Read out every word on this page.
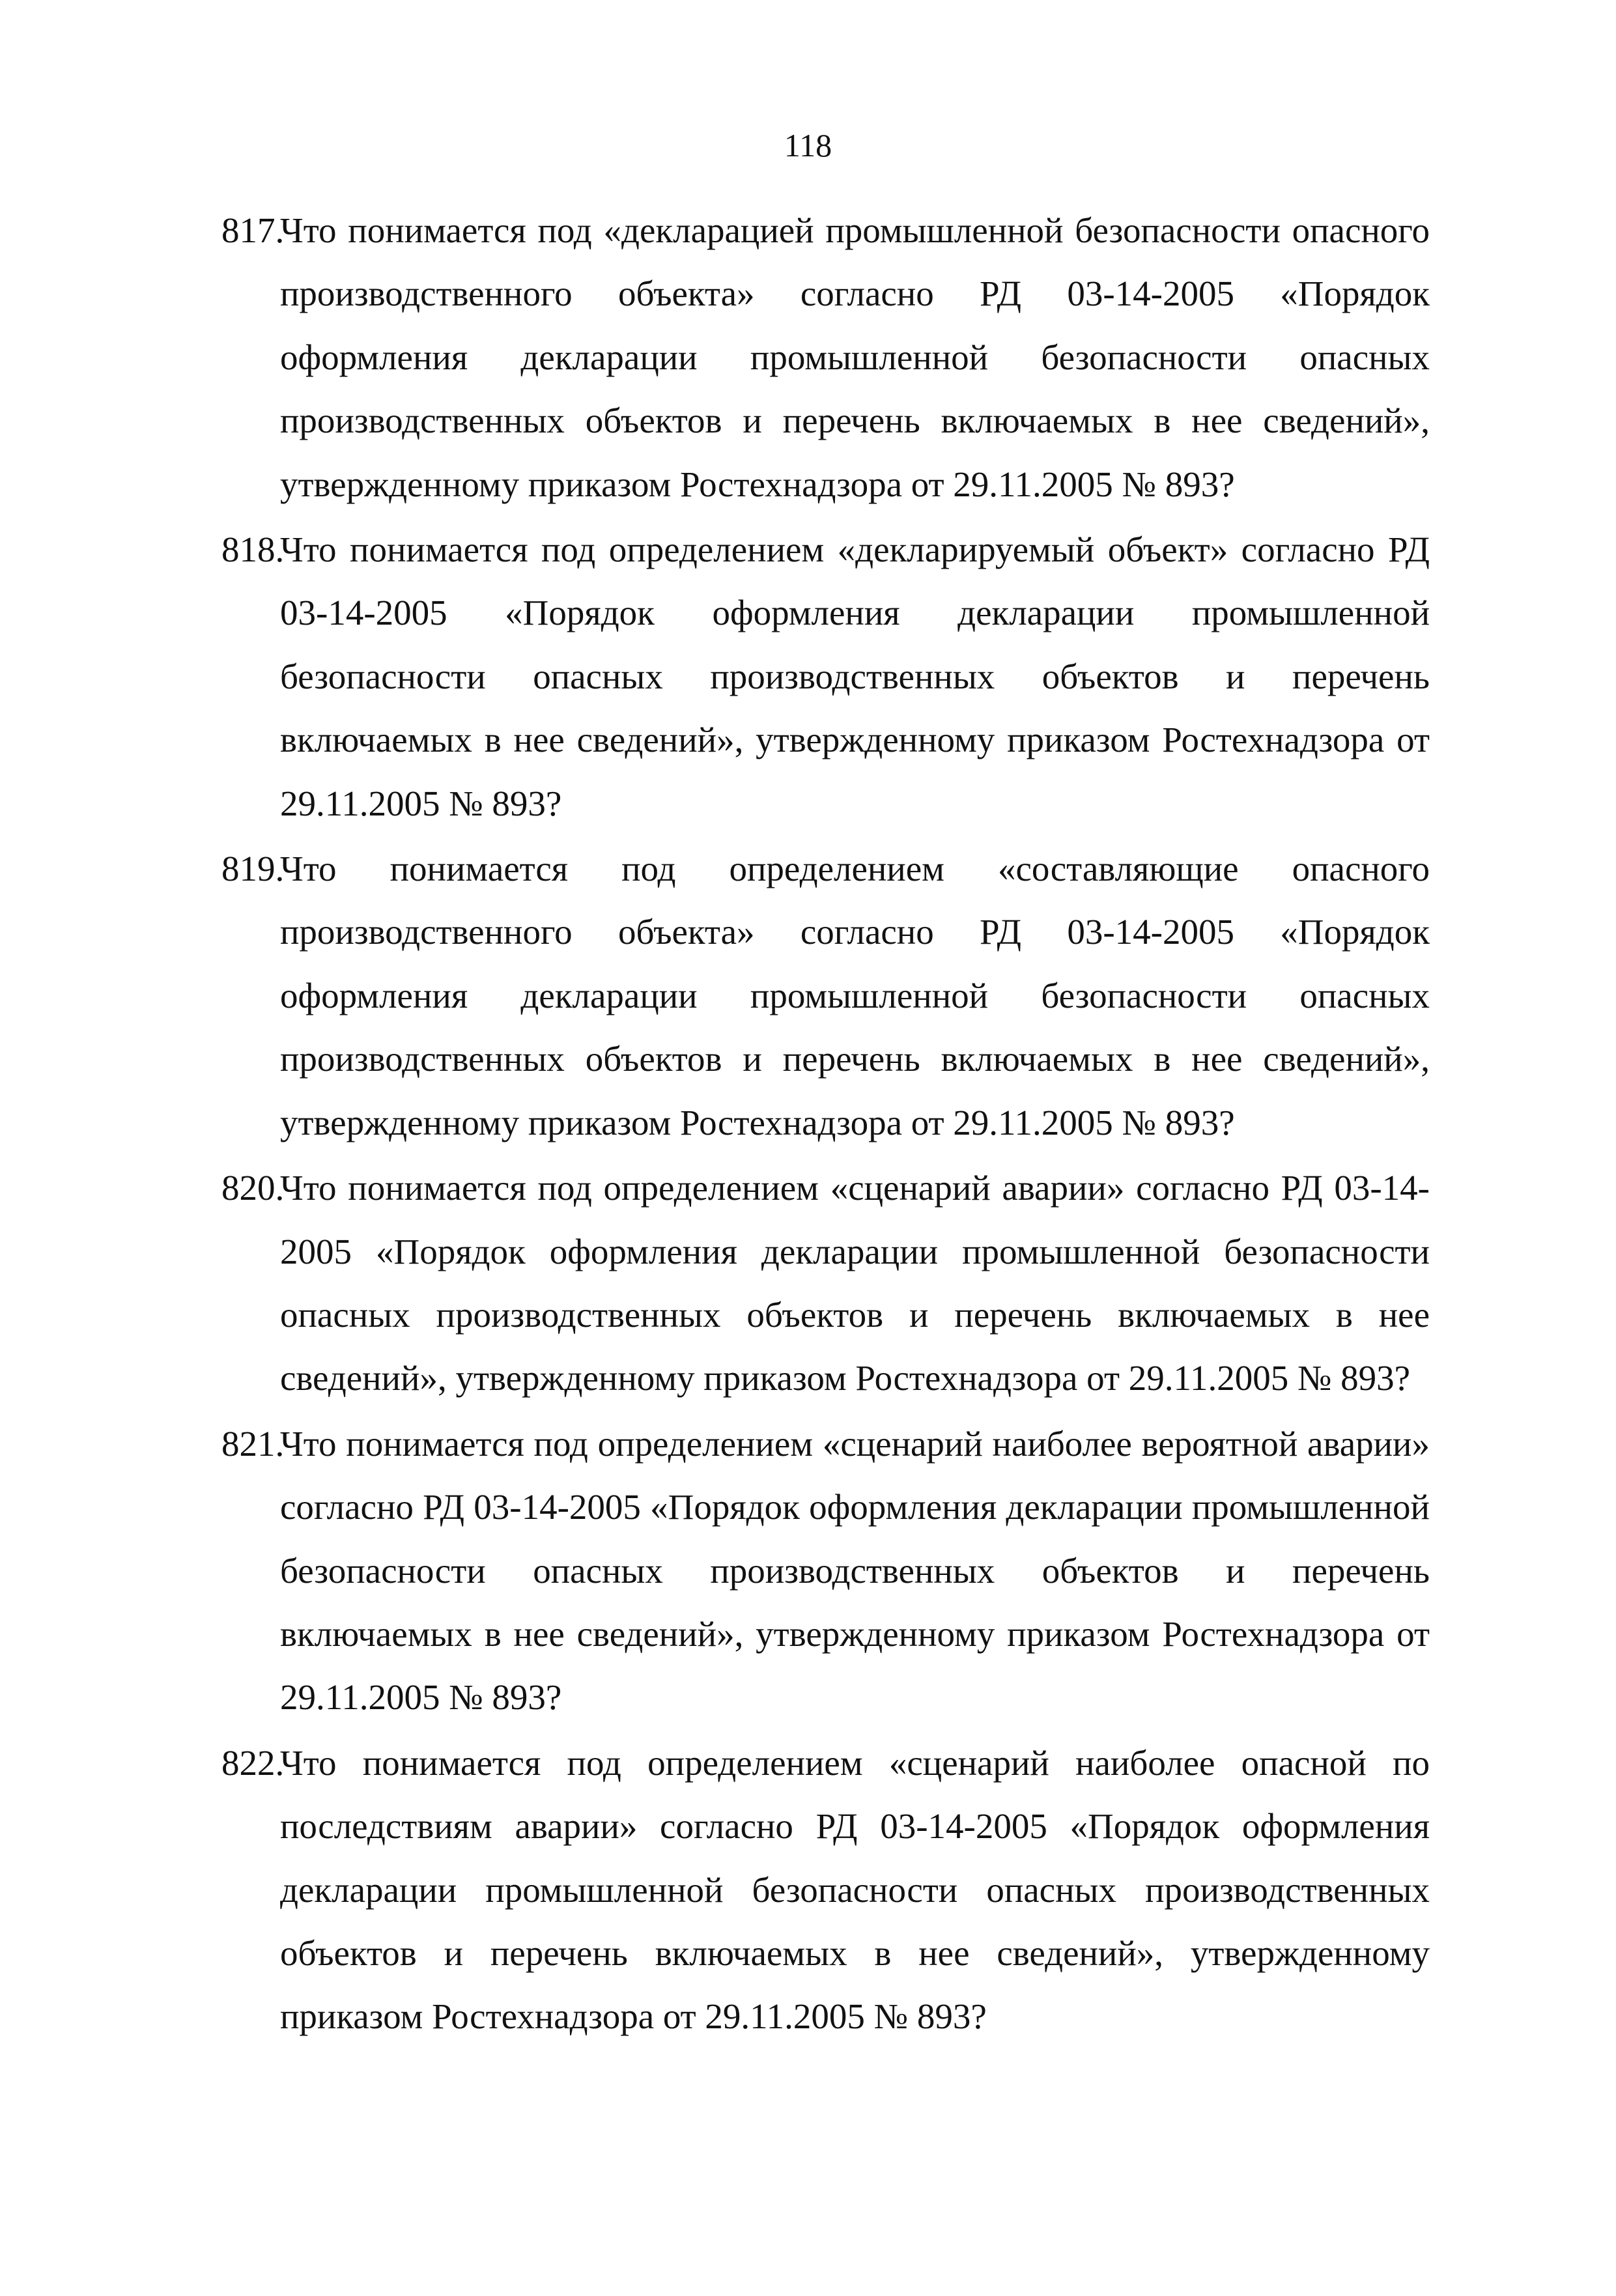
118
817.
Что понимается под «декларацией промышленной безопасности опасного производственного объекта» согласно РД 03-14-2005 «Порядок оформления декларации промышленной безопасности опасных производственных объектов и перечень включаемых в нее сведений», утвержденному приказом Ростехнадзора от 29.11.2005 № 893?
818.
Что понимается под определением «декларируемый объект» согласно РД 03-14-2005 «Порядок оформления декларации промышленной безопасности опасных производственных объектов и перечень включаемых в нее сведений», утвержденному приказом Ростехнадзора от 29.11.2005 № 893?
819.
Что понимается под определением «составляющие опасного производственного объекта» согласно РД 03-14-2005 «Порядок оформления декларации промышленной безопасности опасных производственных объектов и перечень включаемых в нее сведений», утвержденному приказом Ростехнадзора от 29.11.2005 № 893?
820.
Что понимается под определением «сценарий аварии» согласно РД 03-14-2005 «Порядок оформления декларации промышленной безопасности опасных производственных объектов и перечень включаемых в нее сведений», утвержденному приказом Ростехнадзора от 29.11.2005 № 893?
821.
Что понимается под определением «сценарий наиболее вероятной аварии» согласно РД 03-14-2005 «Порядок оформления декларации промышленной безопасности опасных производственных объектов и перечень включаемых в нее сведений», утвержденному приказом Ростехнадзора от 29.11.2005 № 893?
822.
Что понимается под определением «сценарий наиболее опасной по последствиям аварии» согласно РД 03-14-2005 «Порядок оформления декларации промышленной безопасности опасных производственных объектов и перечень включаемых в нее сведений», утвержденному приказом Ростехнадзора от 29.11.2005 № 893?
